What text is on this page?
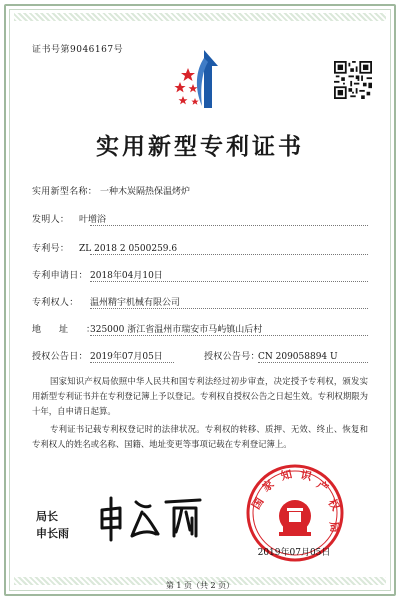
证书号第9046167号
实用新型专利证书
实用新型名称： 一种木炭隔热保温烤炉
发明人： 叶增浴
专利号： ZL 2018 2 0500259.6
专利申请日： 2018年04月10日
专利权人： 温州精宇机械有限公司
地址：325000 浙江省温州市瑞安市马屿镇山后村
授权公告日： 2019年07月05日	授权公告号：CN 209058894 U
国家知识产权局依照中华人民共和国专利法经过初步审查，决定授予专利权，颁发实用新型专利证书并在专利登记簿上予以登记。专利权自授权公告之日起生效。专利权期限为十年，自申请日起算。
专利证书记载专利权登记时的法律状况。专利权的转移、质押、无效、终止、恢复和专利权人的姓名或名称、国籍、地址变更等事项记载在专利登记簿上。
局长
申长雨
国
家
知 识
产
权
局
2019年07月05日
第 1 页（共 2 页）
